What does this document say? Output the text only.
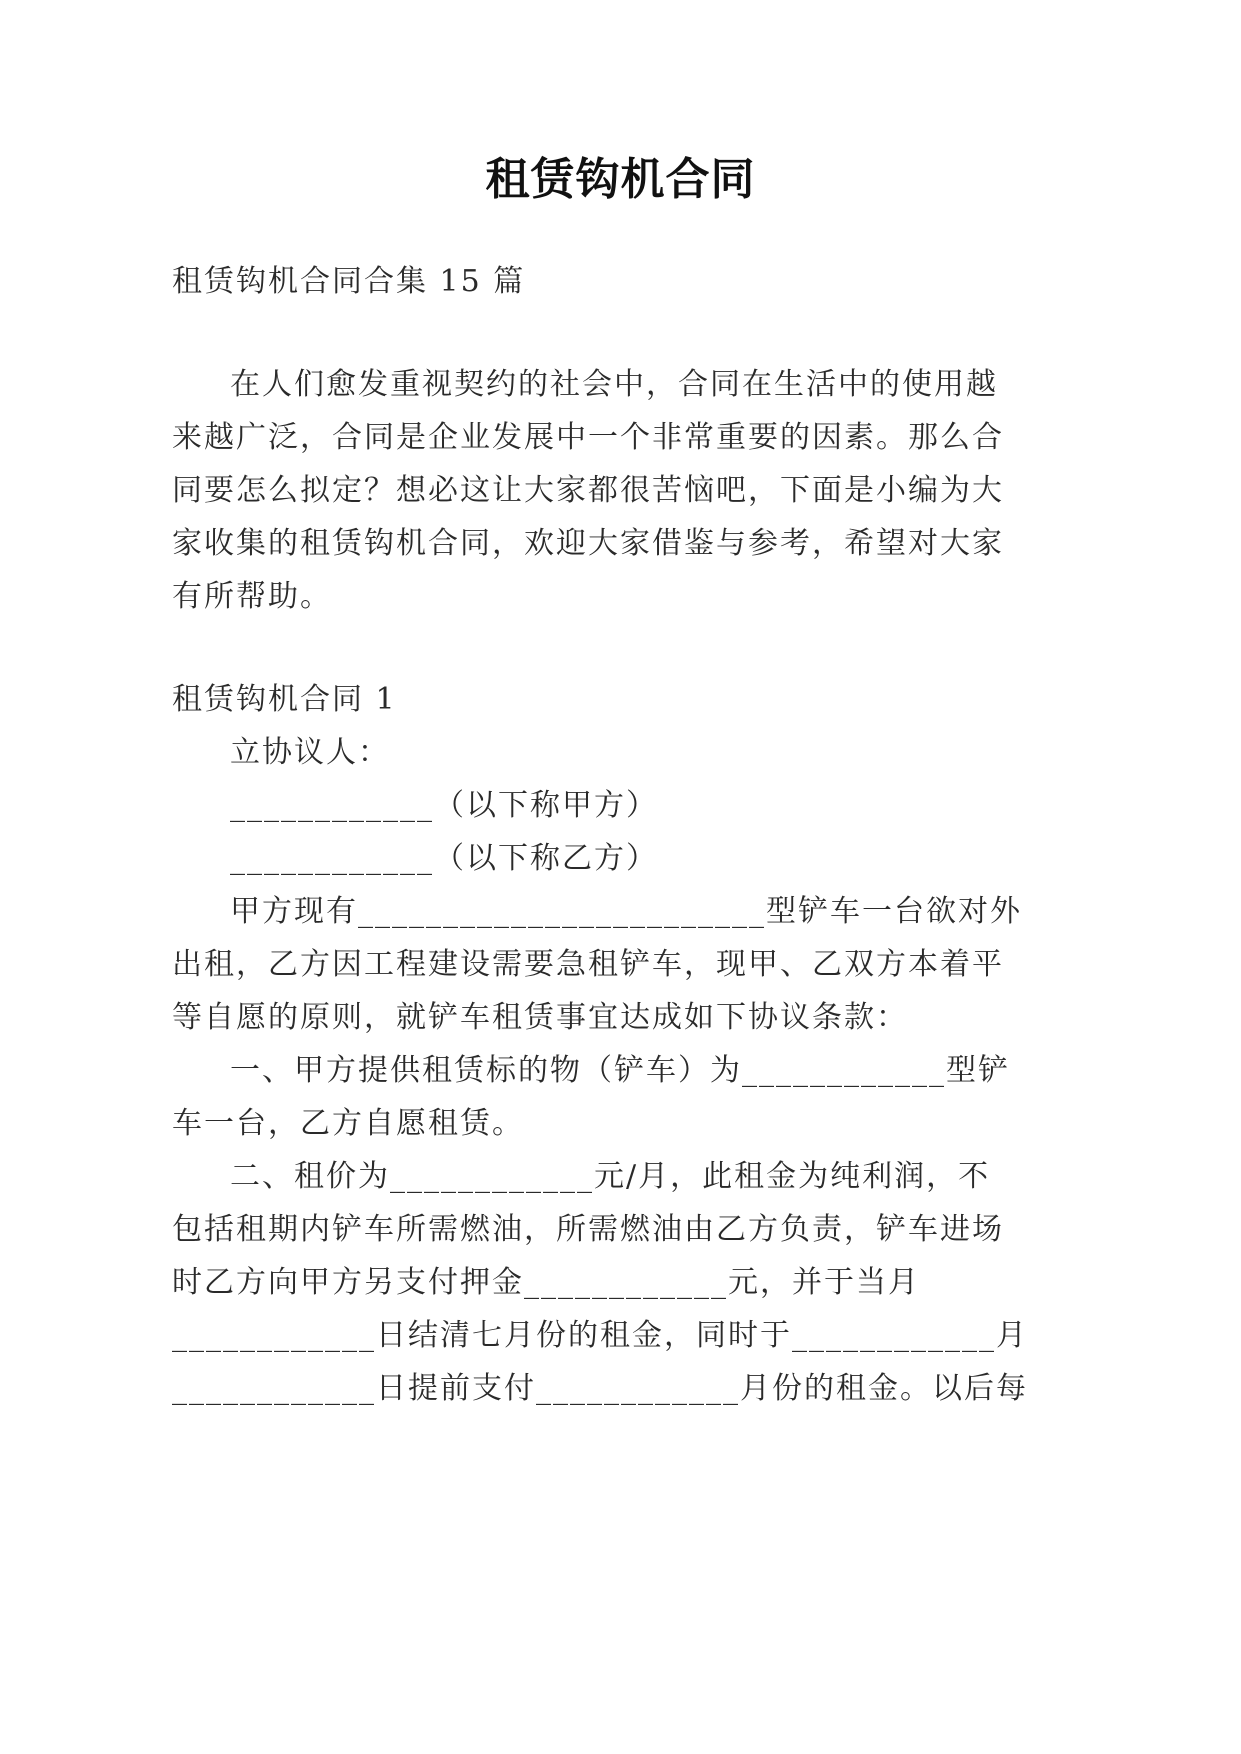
租赁钩机合同
租赁钩机合同合集 15 篇
在人们愈发重视契约的社会中，合同在生活中的使用越
来越广泛，合同是企业发展中一个非常重要的因素。那么合
同要怎么拟定？想必这让大家都很苦恼吧，下面是小编为大
家收集的租赁钩机合同，欢迎大家借鉴与参考，希望对大家
有所帮助。
租赁钩机合同 1
立协议人：
____________（以下称甲方）
____________（以下称乙方）
甲方现有________________________型铲车一台欲对外
出租，乙方因工程建设需要急租铲车，现甲、乙双方本着平
等自愿的原则，就铲车租赁事宜达成如下协议条款：
一、甲方提供租赁标的物（铲车）为____________型铲
车一台，乙方自愿租赁。
二、租价为____________元/月，此租金为纯利润，不
包括租期内铲车所需燃油，所需燃油由乙方负责，铲车进场
时乙方向甲方另支付押金____________元，并于当月
____________日结清七月份的租金，同时于____________月
____________日提前支付____________月份的租金。以后每
